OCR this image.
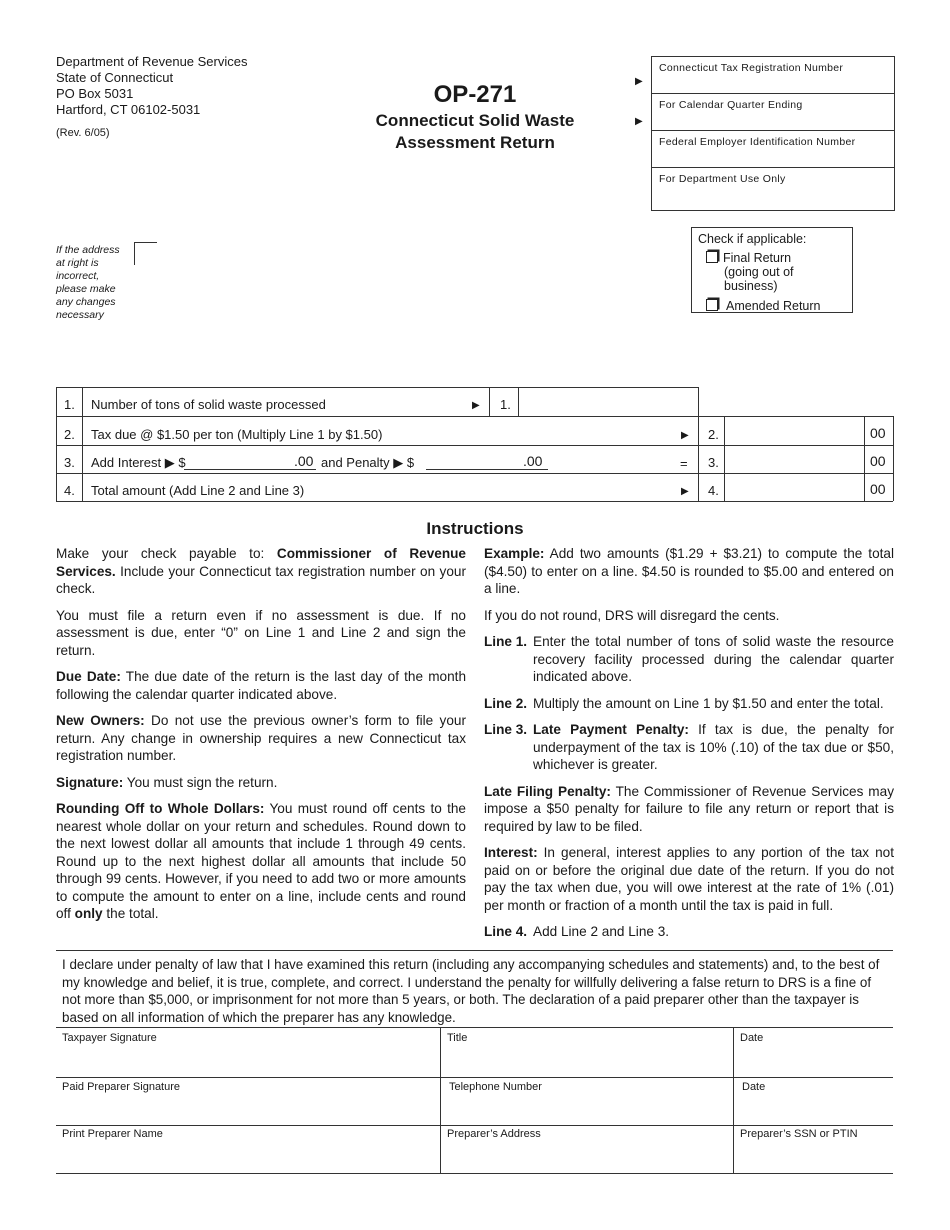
Department of Revenue Services
State of Connecticut
PO Box 5031
Hartford, CT 06102-5031
(Rev. 6/05)
OP-271
Connecticut Solid Waste
Assessment Return
▶
▶
Connecticut Tax Registration Number
For Calendar Quarter Ending
Federal Employer Identification Number
For Department Use Only
If the address
at right is
incorrect,
please make
any changes
necessary
Check if applicable:
Final Return
(going out of business)
Amended Return
1. Number of tons of solid waste processed	▶ 1.
2. Tax due @ $1.50 per ton (Multiply Line 1 by $1.50)	▶ 2.	00
3. Add Interest ▶ $	.00 and Penalty ▶ $	.00	= 3.	00
4. Total amount (Add Line 2 and Line 3)	▶ 4.	00
Instructions

Make your check payable to: Commissioner of Revenue Services. Include your Connecticut tax registration number on your check.

You must file a return even if no assessment is due. If no assessment is due, enter “0” on Line 1 and Line 2 and sign the return.

Due Date: The due date of the return is the last day of the month following the calendar quarter indicated above.

New Owners: Do not use the previous owner’s form to file your return. Any change in ownership requires a new Connecticut tax registration number.

Signature: You must sign the return.

Rounding Off to Whole Dollars: You must round off cents to the nearest whole dollar on your return and schedules. Round down to the next lowest dollar all amounts that include 1 through 49 cents. Round up to the next highest dollar all amounts that include 50 through 99 cents. However, if you need to add two or more amounts to compute the amount to enter on a line, include cents and round off only the total.

Example: Add two amounts ($1.29 + $3.21) to compute the total ($4.50) to enter on a line. $4.50 is rounded to $5.00 and entered on a line.

If you do not round, DRS will disregard the cents.

Line 1. Enter the total number of tons of solid waste the resource recovery facility processed during the calendar quarter indicated above.
Line 2. Multiply the amount on Line 1 by $1.50 and enter the total.
Line 3. Late Payment Penalty: If tax is due, the penalty for underpayment of the tax is 10% (.10) of the tax due or $50, whichever is greater.

Late Filing Penalty: The Commissioner of Revenue Services may impose a $50 penalty for failure to file any return or report that is required by law to be filed.

Interest: In general, interest applies to any portion of the tax not paid on or before the original due date of the return. If you do not pay the tax when due, you will owe interest at the rate of 1% (.01) per month or fraction of a month until the tax is paid in full.

Line 4. Add Line 2 and Line 3.
I declare under penalty of law that I have examined this return (including any accompanying schedules and statements) and, to the best of my knowledge and belief, it is true, complete, and correct. I understand the penalty for willfully delivering a false return to DRS is a fine of not more than $5,000, or imprisonment for not more than 5 years, or both. The declaration of a paid preparer other than the taxpayer is based on all information of which the preparer has any knowledge.
Taxpayer Signature	Title	Date
Paid Preparer Signature	Telephone Number	Date
Print Preparer Name	Preparer’s Address	Preparer’s SSN or PTIN
